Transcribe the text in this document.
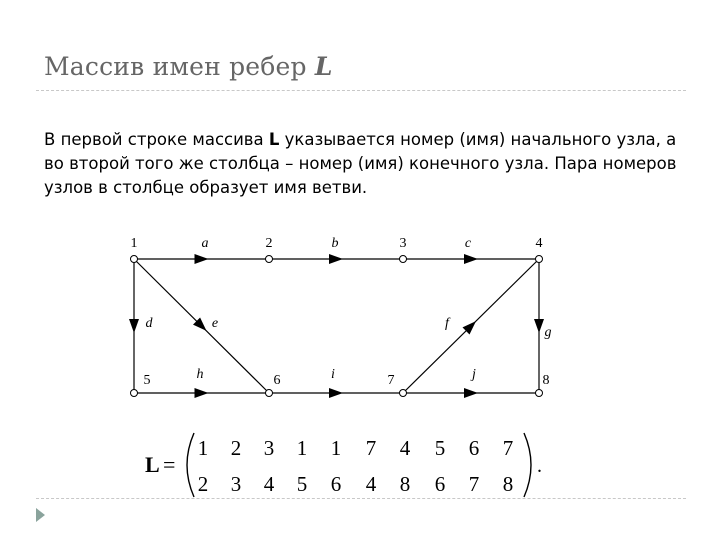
Массив имен ребер L
В первой строке массива L указывается номер (имя) начального узла, а во второй того же столбца – номер (имя) конечного узла. Пара номеров узлов в столбце образует имя ветви.
a	b	c
d	e	f
g
h	i	j
1	2	3	4
5	6	7	8
L =
1 2 3 1 1 7 4 5 6 7
2 3 4 5 6 4 8 6 7 8
.
